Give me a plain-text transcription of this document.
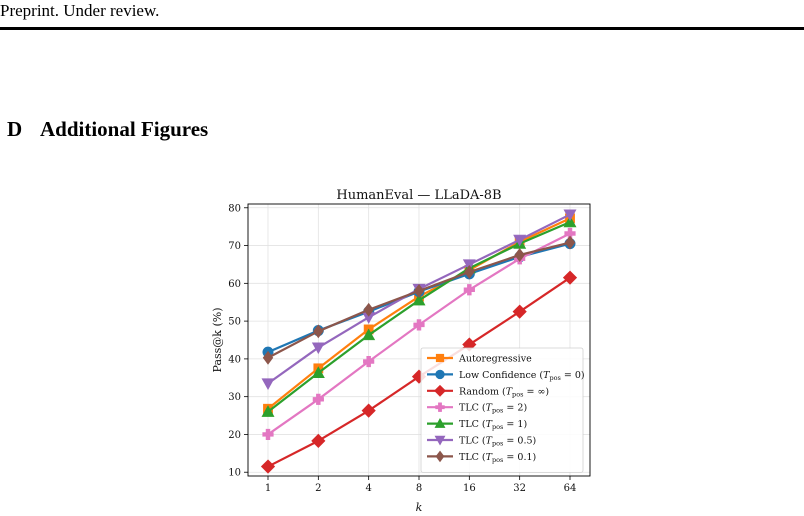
Preprint. Under review.
D Additional Figures
10
20
30
40
50
60
70
80
1	2	4	8	16	32	64
HumanEval — LLaDA-8B
k
Pass@k (%)	Autoregressive
Low Confidence $(T_{pos} = 0)$
Random ($T_{pos}$ = ∞)
TLC $(T_{pos} = 2)$
TLC $(T_{pos} = 1)$
TLC $(T_{pos} = 0.5)$
TLC $(T_{pos} = 0.1)$
